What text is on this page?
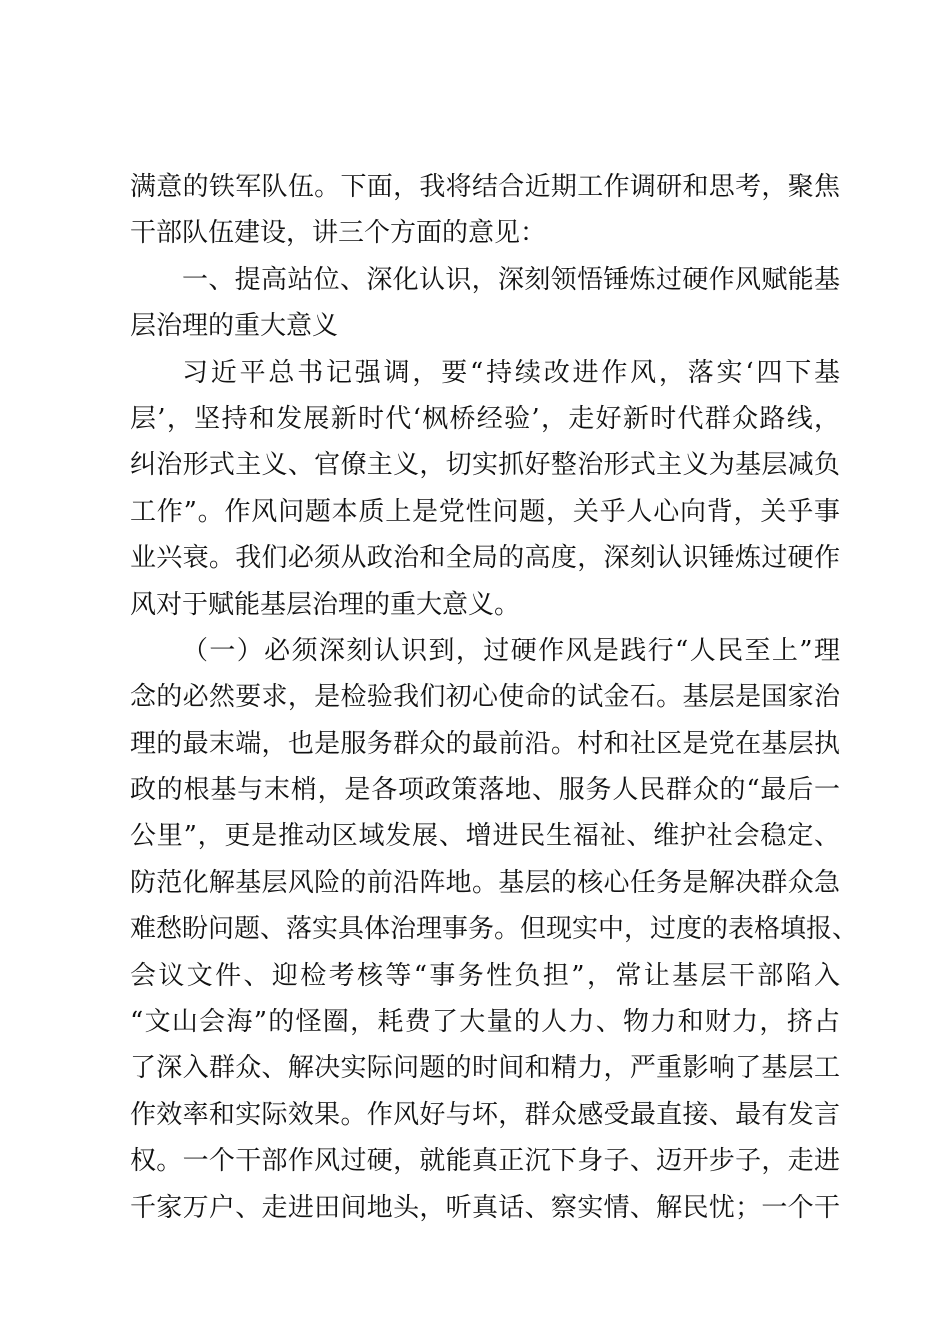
满意的铁军队伍。下面，我将结合近期工作调研和思考，聚焦
干部队伍建设，讲三个方面的意见：
一、提高站位、深化认识，深刻领悟锤炼过硬作风赋能基
层治理的重大意义
习近平总书记强调，要“持续改进作风，落实‘四下基
层’，坚持和发展新时代‘枫桥经验’，走好新时代群众路线，
纠治形式主义、官僚主义，切实抓好整治形式主义为基层减负
工作”。作风问题本质上是党性问题，关乎人心向背，关乎事
业兴衰。我们必须从政治和全局的高度，深刻认识锤炼过硬作
风对于赋能基层治理的重大意义。
（一）必须深刻认识到，过硬作风是践行“人民至上”理
念的必然要求，是检验我们初心使命的试金石。基层是国家治
理的最末端，也是服务群众的最前沿。村和社区是党在基层执
政的根基与末梢，是各项政策落地、服务人民群众的“最后一
公里”，更是推动区域发展、增进民生福祉、维护社会稳定、
防范化解基层风险的前沿阵地。基层的核心任务是解决群众急
难愁盼问题、落实具体治理事务。但现实中，过度的表格填报、
会议文件、迎检考核等“事务性负担”，常让基层干部陷入
“文山会海”的怪圈，耗费了大量的人力、物力和财力，挤占
了深入群众、解决实际问题的时间和精力，严重影响了基层工
作效率和实际效果。作风好与坏，群众感受最直接、最有发言
权。一个干部作风过硬，就能真正沉下身子、迈开步子，走进
千家万户、走进田间地头，听真话、察实情、解民忧；一个干
